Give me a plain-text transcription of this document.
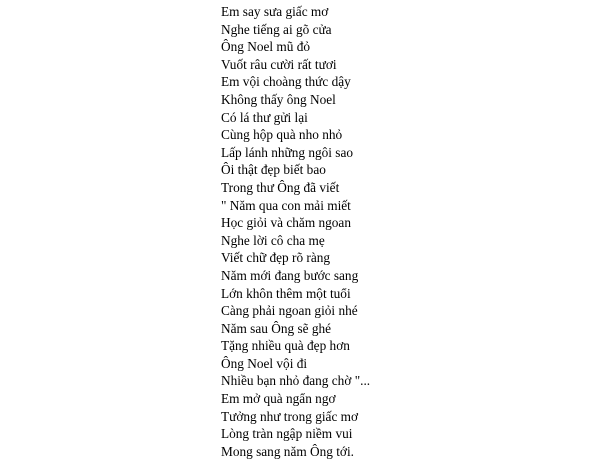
Em say sưa giấc mơ
Nghe tiếng ai gõ cửa
Ông Noel mũ đỏ
Vuốt râu cười rất tươi
Em vội choàng thức dậy
Không thấy ông Noel
Có lá thư gửi lại
Cùng hộp quà nho nhỏ
Lấp lánh những ngôi sao
Ôi thật đẹp biết bao
Trong thư Ông đã viết
" Năm qua con mải miết
Học giỏi và chăm ngoan
Nghe lời cô cha mẹ
Viết chữ đẹp rõ ràng
Năm mới đang bước sang
Lớn khôn thêm một tuổi
Càng phải ngoan giỏi nhé
Năm sau Ông sẽ ghé
Tặng nhiều quà đẹp hơn
Ông Noel vội đi
Nhiều bạn nhỏ đang chờ "...
Em mở quà ngẩn ngơ
Tưởng như trong giấc mơ
Lòng tràn ngập niềm vui
Mong sang năm Ông tới.
